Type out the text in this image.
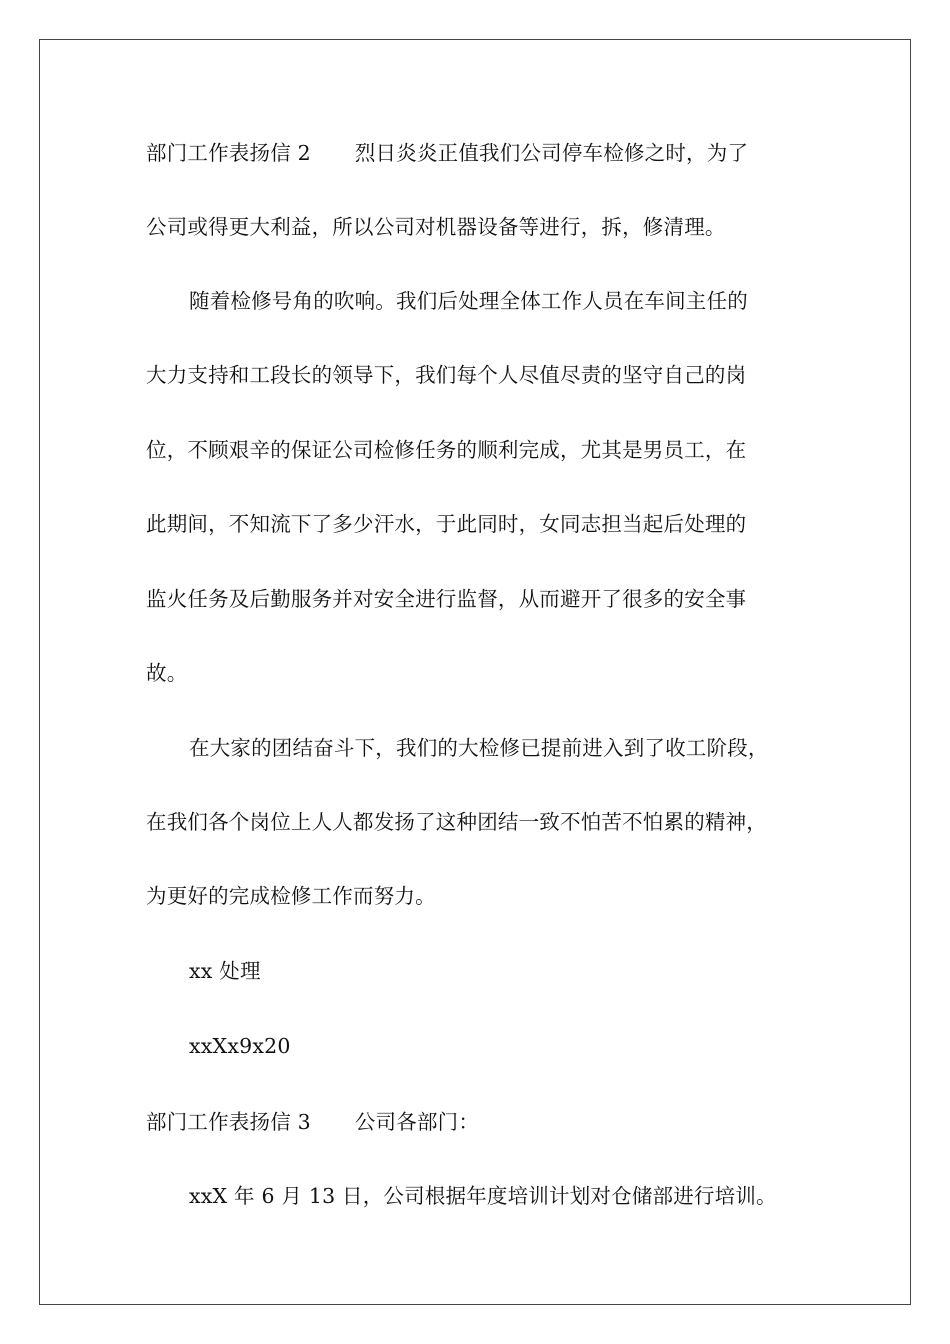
部门工作表扬信 2 烈日炎炎正值我们公司停车检修之时，为了
公司或得更大利益，所以公司对机器设备等进行，拆，修清理。
随着检修号角的吹响。我们后处理全体工作人员在车间主任的
大力支持和工段长的领导下，我们每个人尽值尽责的坚守自己的岗
位，不顾艰辛的保证公司检修任务的顺利完成，尤其是男员工，在
此期间，不知流下了多少汗水，于此同时，女同志担当起后处理的
监火任务及后勤服务并对安全进行监督，从而避开了很多的安全事
故。
在大家的团结奋斗下，我们的大检修已提前进入到了收工阶段，
在我们各个岗位上人人都发扬了这种团结一致不怕苦不怕累的精神，
为更好的完成检修工作而努力。
xx 处理
xxXx9x20
部门工作表扬信 3 公司各部门：
xxX 年 6 月 13 日，公司根据年度培训计划对仓储部进行培训。
